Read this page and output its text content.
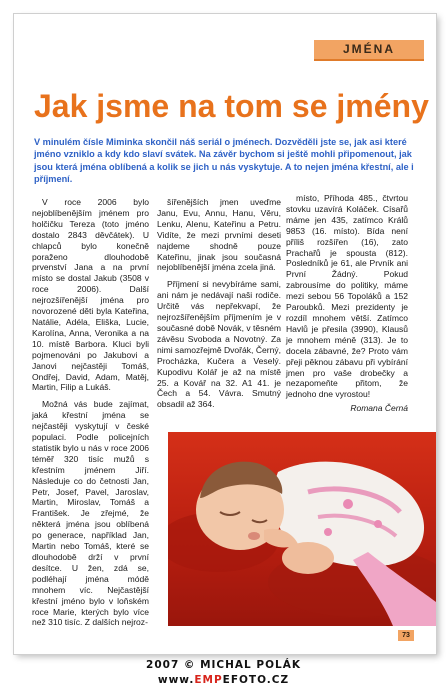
JMÉNA
Jak jsme na tom se jmény
V minulém čísle Miminka skončil náš seriál o jménech. Dozvěděli jste se, jak asi které jméno vzniklo a kdy kdo slaví svátek. Na závěr bychom si ještě mohli připomenout, jak jsou která jména oblíbená a kolik se jich u nás vyskytuje. A to nejen jména křestní, ale i příjmení.

V roce 2006 bylo nejoblíbenějším jménem pro holčičku Tereza (toto jméno dostalo 2843 děvčátek). U chlapců bylo konečně poraženo dlouhodobě prvenství Jana a na první místo se dostal Jakub (3508 v roce 2006). Další nejrozšířenější jména pro novorozené děti byla Kateřina, Natálie, Adéla, Eliška, Lucie, Karolína, Anna, Veronika a na 10. místě Barbora. Kluci byli pojmenováni po Jakubovi a Janovi nejčastěji Tomáš, Ondřej, David, Adam, Matěj, Martin, Filip a Lukáš.

Možná vás bude zajímat, jaká křestní jména se nejčastěji vyskytují v české populaci. Podle policejních statistik bylo u nás v roce 2006 téměř 320 tisíc mužů s křestním jménem Jiří. Následuje co do četnosti Jan, Petr, Josef, Pavel, Jaroslav, Martin, Miroslav, Tomáš a František. Je zřejmé, že některá jména jsou oblíbená po generace, například Jan, Martin nebo Tomáš, které se dlouhodobě drží v první desítce. U žen, zdá se, podléhají jména módě mnohem víc. Nejčastější křestní jméno bylo v loňském roce Marie, kterých bylo více než 310 tisíc. Z dalších nejroz-

šířenějších jmen uveďme Janu, Evu, Annu, Hanu, Věru, Lenku, Alenu, Kateřinu a Petru. Vidíte, že mezi prvními deseti najdeme shodně pouze Kateřinu, jinak jsou současná nejoblíbenější jména zcela jiná.

Příjmení si nevybíráme sami, ani nám je nedávají naši rodiče. Určitě vás nepřekvapí, že nejrozšířenějším příjmením je v současné době Novák, v těsném závěsu Svoboda a Novotný. Za nimi samozřejmě Dvořák, Černý, Procházka, Kučera a Veselý. Kupodivu Kolář je až na místě 25. a Kovář na 32. A1 41. je Čech a 54. Vávra. Smutný obsadil až 364.

místo, Příhoda 485., čtvrtou stovku uzavírá Koláček. Císařů máme jen 435, zatímco Králů 9853 (16. místo). Bída není příliš rozšířen (16), zato Prachařů je spousta (812). Posledníků je 61, ale Prvník ani První Žádný. Pokud zabrousíme do politiky, máme mezi sebou 56 Topoláků a 152 Paroubků. Mezi prezidenty je rozdíl mnohem větší. Zatímco Havlů je přesila (3990), Klausů je mnohem méně (313). Je to docela zábavné, že? Proto vám přeji pěknou zábavu při vybírání jmen pro vaše drobečky a nezapomeňte přitom, že jednoho dne vyrostou!

Romana Černá
73
2007 © MICHAL POLÁK
www.EMPEFOTO.CZ
